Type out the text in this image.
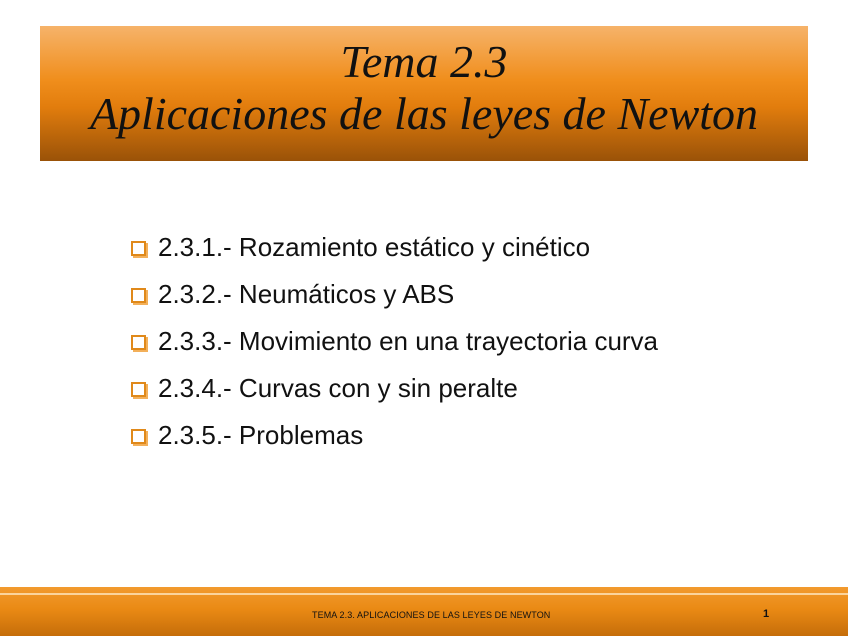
Tema 2.3
Aplicaciones de las leyes de Newton
2.3.1.- Rozamiento estático y cinético
2.3.2.- Neumáticos y ABS
2.3.3.- Movimiento en una trayectoria curva
2.3.4.- Curvas con y sin peralte
2.3.5.- Problemas
TEMA 2.3. APLICACIONES DE LAS LEYES DE NEWTON	1
